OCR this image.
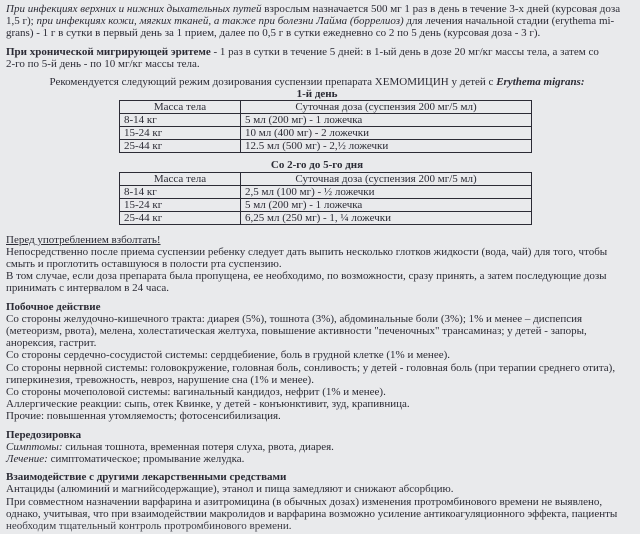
При инфекциях верхних и нижних дыхательных путей взрослым назначается 500 мг 1 раз в день в течение 3-х дней (курсовая доза
1,5 г); при инфекциях кожи, мягких тканей, а также при болезни Лайма (боррелиоз) для лечения начальной стадии (erythema mi-
grans) - 1 г в сутки в первый день за 1 прием, далее по 0,5 г в сутки ежедневно со 2 по 5 день (курсовая доза - 3 г).

При хронической мигрирующей эритеме - 1 раз в сутки в течение 5 дней: в 1-ый день в дозе 20 мг/кг массы тела, а затем со
2-го по 5-й день - по 10 мг/кг массы тела.

Рекомендуется следующий режим дозирования суспензии препарата ХЕМОМИЦИН у детей с Erythema migrans:

1-й день

Масса тела	Суточная доза (суспензия 200 мг/5 мл)
8-14 кг	5 мл (200 мг) - 1 ложечка
15-24 кг	10 мл (400 мг) - 2 ложечки
25-44 кг	12.5 мл (500 мг) - 2,½ ложечки

Со 2-го до 5-го дня

Масса тела	Суточная доза (суспензия 200 мг/5 мл)
8-14 кг	2,5 мл (100 мг) - ½ ложечки
15-24 кг	5 мл (200 мг) - 1 ложечка
25-44 кг	6,25 мл (250 мг) - 1, ¼ ложечки

Перед употреблением взболтать!
Непосредственно после приема суспензии ребенку следует дать выпить несколько глотков жидкости (вода, чай) для того, чтобы
смыть и проглотить оставшуюся в полости рта суспензию.
В том случае, если доза препарата была пропущена, ее необходимо, по возможности, сразу принять, а затем последующие дозы
принимать с интервалом в 24 часа.

Побочное действие

Со стороны желудочно-кишечного тракта: диарея (5%), тошнота (3%), абдоминальные боли (3%); 1% и менее – диспепсия
(метеоризм, рвота), мелена, холестатическая желтуха, повышение активности "печеночных" трансаминаз; у детей - запоры,
анорексия, гастрит.
Со стороны сердечно-сосудистой системы: сердцебиение, боль в грудной клетке (1% и менее).
Со стороны нервной системы: головокружение, головная боль, сонливость; у детей - головная боль (при терапии среднего отита),
гиперкинезия, тревожность, невроз, нарушение сна (1% и менее).
Со стороны мочеполовой системы: вагинальный кандидоз, нефрит (1% и менее).
Аллергические реакции: сыпь, отек Квинке, у детей - конъюнктивит, зуд, крапивница.
Прочие: повышенная утомляемость; фотосенсибилизация.

Передозировка

Симптомы: сильная тошнота, временная потеря слуха, рвота, диарея.
Лечение: симптоматическое; промывание желудка.

Взаимодействие с другими лекарственными средствами

Антациды (алюминий и магнийсодержащие), этанол и пища замедляют и снижают абсорбцию.
При совместном назначении варфарина и азитромицина (в обычных дозах) изменения протромбинового времени не выявлено,
однако, учитывая, что при взаимодействии макролидов и варфарина возможно усиление антикоагуляционного эффекта, пациенты
необходим тщательный контроль протромбинового времени.
